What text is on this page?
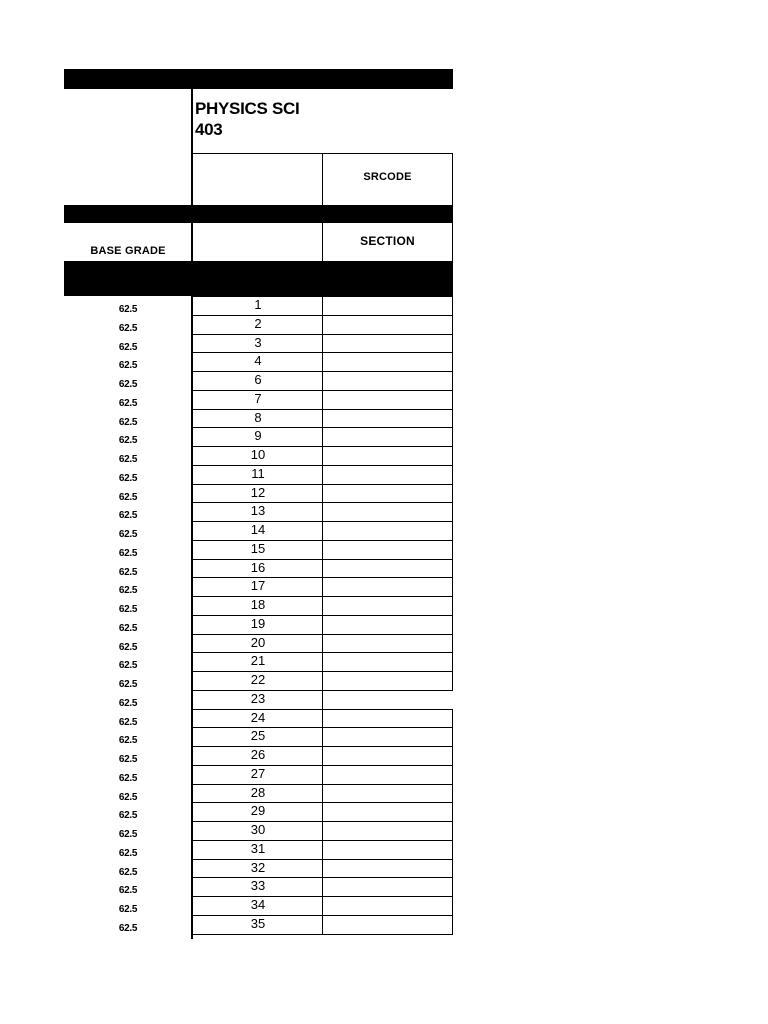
PHYSICS SCI
403
SRCODE
SECTION
BASE GRADE
62.5	1
62.5	2
62.5	3
62.5	4
62.5	6
62.5	7
62.5	8
62.5	9
62.5	10
62.5	11
62.5	12
62.5	13
62.5	14
62.5	15
62.5	16
62.5	17
62.5	18
62.5	19
62.5	20
62.5	21
62.5	22
62.5	23
62.5	24
62.5	25
62.5	26
62.5	27
62.5	28
62.5	29
62.5	30
62.5	31
62.5	32
62.5	33
62.5	34
62.5	35
